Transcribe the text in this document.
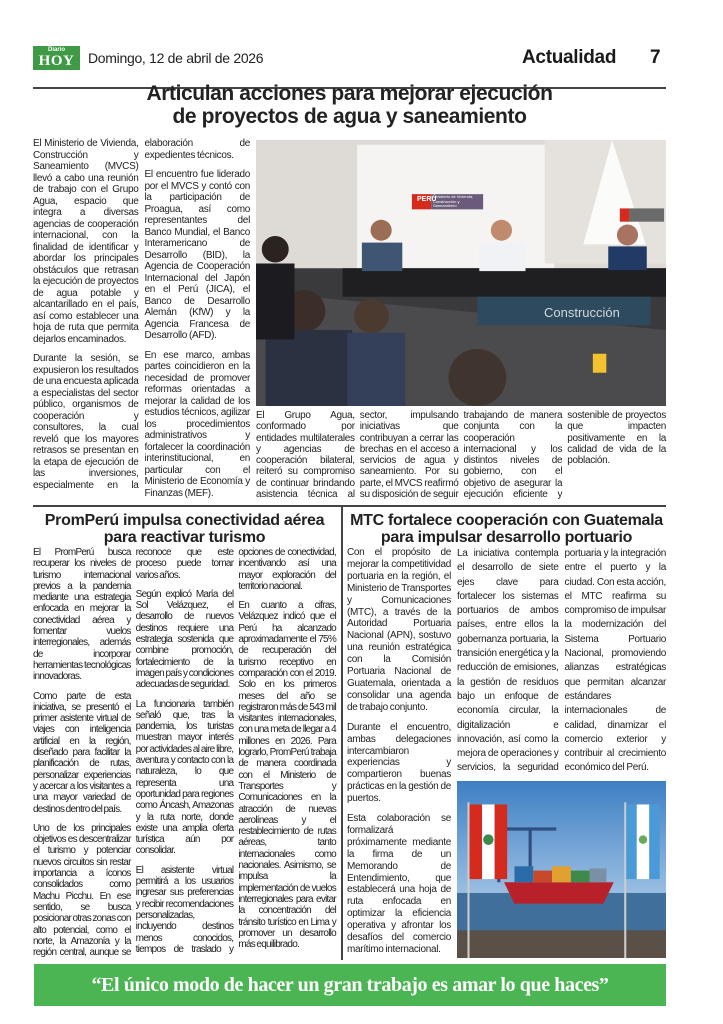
Diario
HOY Domingo, 12 de abril de 2026	Actualidad 7
Articulan acciones para mejorar ejecución
de proyectos de agua y saneamiento

El Ministerio de Vivienda, Construcción y Saneamiento (MVCS) llevó a cabo una reunión de trabajo con el Grupo Agua, espacio que integra a diversas agencias de cooperación internacional, con la finalidad de identificar y abordar los principales obstáculos que retrasan la ejecución de proyectos de agua potable y alcantarillado en el país, así como establecer una hoja de ruta que permita dejarlos encaminados.

Durante la sesión, se expusieron los resultados de una encuesta aplicada a especialistas del sector público, organismos de cooperación y consultores, la cual reveló que los mayores retrasos se presentan en la etapa de ejecución de las inversiones, especialmente en la elaboración de expedientes técnicos.

El encuentro fue liderado por el MVCS y contó con la participación de Proagua, así como representantes del Banco Mundial, el Banco Interamericano de Desarrollo (BID), la Agencia de Cooperación Internacional del Japón en el Perú (JICA), el Banco de Desarrollo Alemán (KfW) y la Agencia Francesa de Desarrollo (AFD).

En ese marco, ambas partes coincidieron en la necesidad de promover reformas orientadas a mejorar la calidad de los estudios técnicos, agilizar los procedimientos administrativos y fortalecer la coordinación interinstitucional, en particular con el Ministerio de Economía y Finanzas (MEF).

PERÚ
Ministerio de Vivienda, Construcción y Saneamiento
Construcción

El Grupo Agua, conformado por entidades multilaterales y agencias de cooperación bilateral, reiteró su compromiso de continuar brindando asistencia técnica al sector, impulsando iniciativas que contribuyan a cerrar las brechas en el acceso a servicios de agua y saneamiento. Por su parte, el MVCS reafirmó su disposición de seguir trabajando de manera conjunta con la cooperación internacional y los distintos niveles de gobierno, con el objetivo de asegurar la ejecución eficiente y sostenible de proyectos que impacten positivamente en la calidad de vida de la población.

PromPerú impulsa conectividad aérea
para reactivar turismo

El PromPerú busca recuperar los niveles de turismo internacional previos a la pandemia mediante una estrategia enfocada en mejorar la conectividad aérea y fomentar vuelos interregionales, además de incorporar herramientas tecnológicas innovadoras.

Como parte de esta iniciativa, se presentó el primer asistente virtual de viajes con inteligencia artificial en la región, diseñado para facilitar la planificación de rutas, personalizar experiencias y acercar a los visitantes a una mayor variedad de destinos dentro del país.

Uno de los principales objetivos es descentralizar el turismo y potenciar nuevos circuitos sin restar importancia a íconos consolidados como Machu Picchu. En ese sentido, se busca posicionar otras zonas con alto potencial, como el norte, la Amazonía y la región central, aunque se reconoce que este proceso puede tomar varios años.

Según explicó María del Sol Velázquez, el desarrollo de nuevos destinos requiere una estrategia sostenida que combine promoción, fortalecimiento de la imagen país y condiciones adecuadas de seguridad.

La funcionaria también señaló que, tras la pandemia, los turistas muestran mayor interés por actividades al aire libre, aventura y contacto con la naturaleza, lo que representa una oportunidad para regiones como Áncash, Amazonas y la ruta norte, donde existe una amplia oferta turística aún por consolidar.

El asistente virtual permitirá a los usuarios ingresar sus preferencias y recibir recomendaciones personalizadas, incluyendo destinos menos conocidos, tiempos de traslado y opciones de conectividad, incentivando así una mayor exploración del territorio nacional.

En cuanto a cifras, Velázquez indicó que el Perú ha alcanzado aproximadamente el 75% de recuperación del turismo receptivo en comparación con el 2019. Solo en los primeros meses del año se registraron más de 543 mil visitantes internacionales, con una meta de llegar a 4 millones en 2026. Para lograrlo, PromPerú trabaja de manera coordinada con el Ministerio de Transportes y Comunicaciones en la atracción de nuevas aerolíneas y el restablecimiento de rutas aéreas, tanto internacionales como nacionales. Asimismo, se impulsa la implementación de vuelos interregionales para evitar la concentración del tránsito turístico en Lima y promover un desarrollo más equilibrado.

MTC fortalece cooperación con Guatemala
para impulsar desarrollo portuario

Con el propósito de mejorar la competitividad portuaria en la región, el Ministerio de Transportes y Comunicaciones (MTC), a través de la Autoridad Portuaria Nacional (APN), sostuvo una reunión estratégica con la Comisión Portuaria Nacional de Guatemala, orientada a consolidar una agenda de trabajo conjunto.

Durante el encuentro, ambas delegaciones intercambiaron experiencias y compartieron buenas prácticas en la gestión de puertos.

Esta colaboración se formalizará próximamente mediante la firma de un Memorando de Entendimiento, que establecerá una hoja de ruta enfocada en optimizar la eficiencia operativa y afrontar los desafíos del comercio marítimo internacional.

La iniciativa contempla el desarrollo de siete ejes clave para fortalecer los sistemas portuarios de ambos países, entre ellos la gobernanza portuaria, la transición energética y la reducción de emisiones, la gestión de residuos bajo un enfoque de economía circular, la digitalización e innovación, así como la mejora de operaciones y servicios, la seguridad portuaria y la integración entre el puerto y la ciudad. Con esta acción, el MTC reafirma su compromiso de impulsar la modernización del Sistema Portuario Nacional, promoviendo alianzas estratégicas que permitan alcanzar estándares internacionales de calidad, dinamizar el comercio exterior y contribuir al crecimiento económico del Perú.

“El único modo de hacer un gran trabajo es amar lo que haces”
